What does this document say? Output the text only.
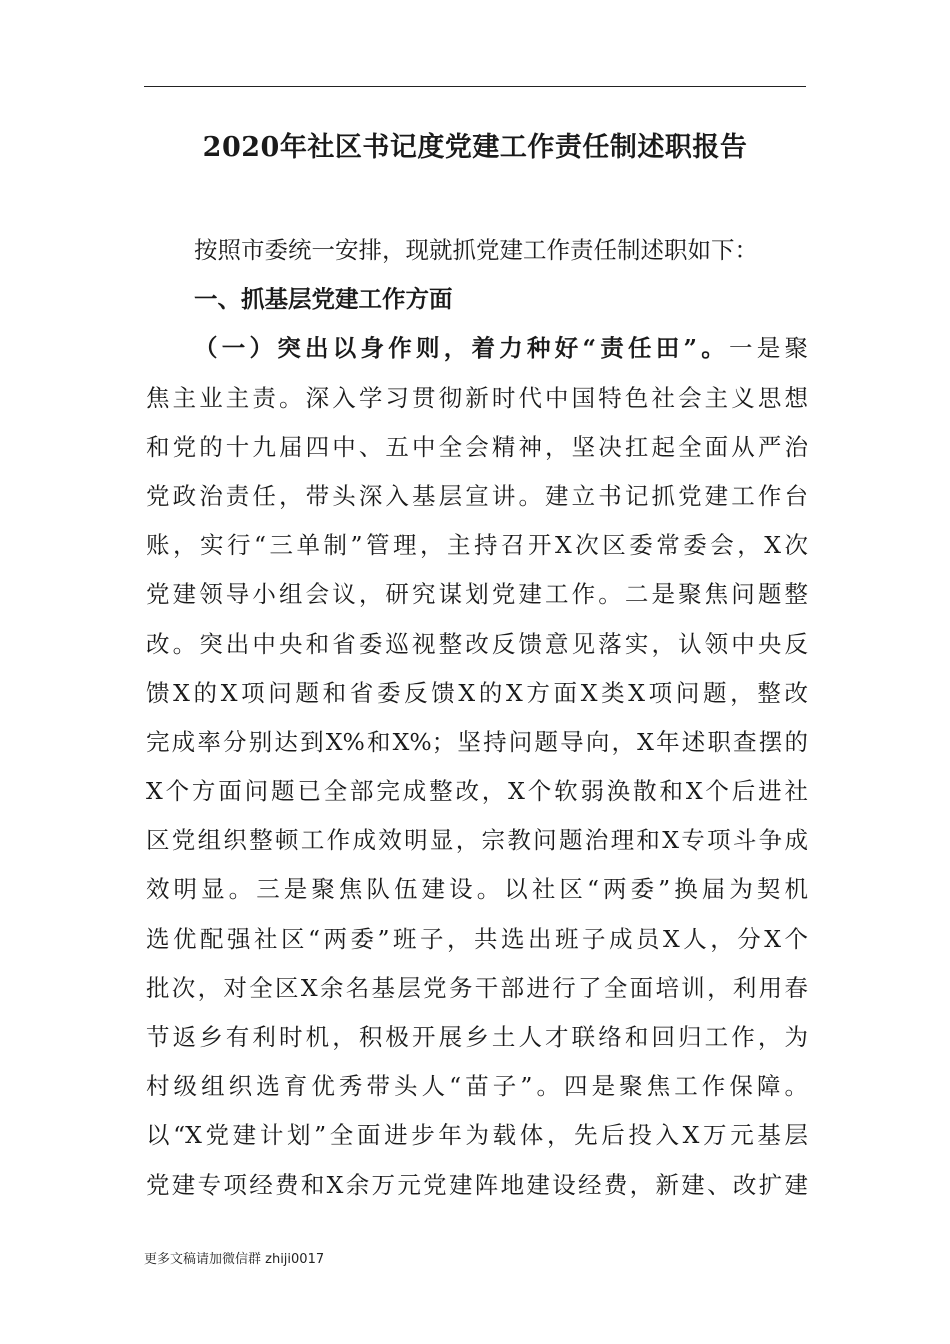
2020年社区书记度党建工作责任制述职报告
按照市委统一安排，现就抓党建工作责任制述职如下：
一、抓基层党建工作方面
（一）突出以身作则，着力种好“责任田”。一是聚
焦主业主责。深入学习贯彻新时代中国特色社会主义思想
和党的十九届四中、五中全会精神，坚决扛起全面从严治
党政治责任，带头深入基层宣讲。建立书记抓党建工作台
账，实行“三单制”管理，主持召开X次区委常委会，X次
党建领导小组会议，研究谋划党建工作。二是聚焦问题整
改。突出中央和省委巡视整改反馈意见落实，认领中央反
馈X的X项问题和省委反馈X的X方面X类X项问题，整改
完成率分别达到X%和X%；坚持问题导向，X年述职查摆的
X个方面问题已全部完成整改，X个软弱涣散和X个后进社
区党组织整顿工作成效明显，宗教问题治理和X专项斗争成
效明显。三是聚焦队伍建设。以社区“两委”换届为契机
选优配强社区“两委”班子，共选出班子成员X人，分X个
批次，对全区X余名基层党务干部进行了全面培训，利用春
节返乡有利时机，积极开展乡土人才联络和回归工作，为
村级组织选育优秀带头人“苗子”。四是聚焦工作保障。
以“X党建计划”全面进步年为载体，先后投入X万元基层
党建专项经费和X余万元党建阵地建设经费，新建、改扩建
更多文稿请加微信群 zhiji0017
